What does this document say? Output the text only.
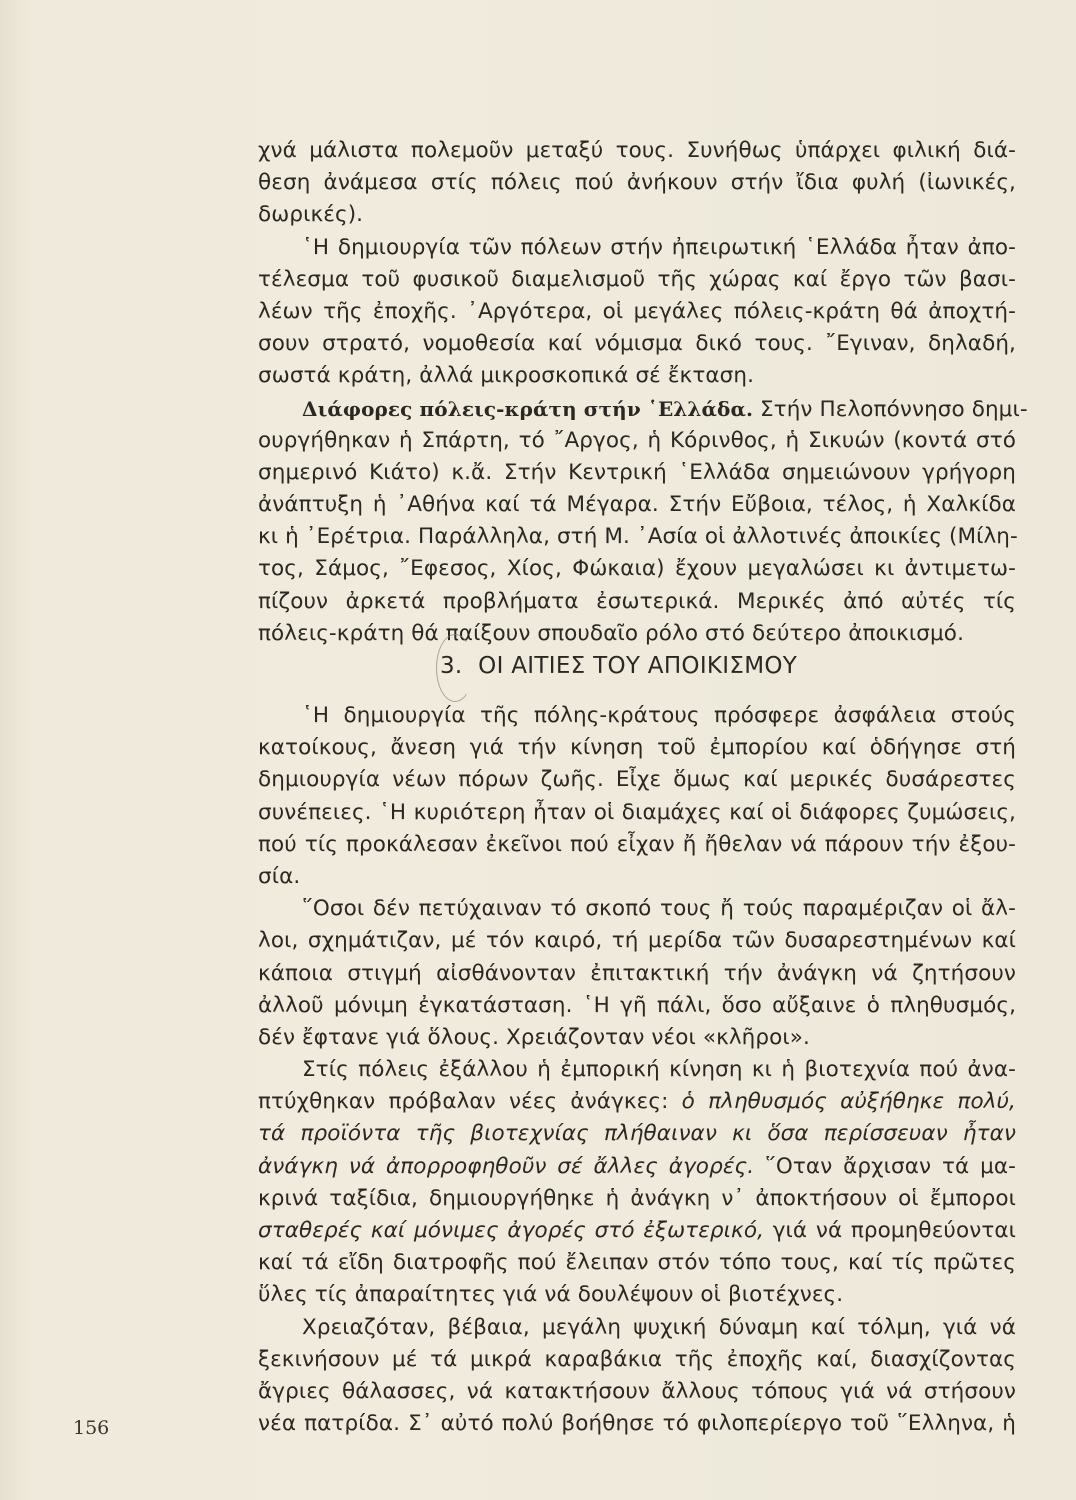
χνά μάλιστα πολεμοῦν μεταξύ τους. Συνήθως ὑπάρχει φιλική διά-
θεση ἀνάμεσα στίς πόλεις πού ἀνήκουν στήν ἴδια φυλή (ἰωνικές,
δωρικές).
῾Η δημιουργία τῶν πόλεων στήν ἠπειρωτική ῾Ελλάδα ἦταν ἀπο-
τέλεσμα τοῦ φυσικοῦ διαμελισμοῦ τῆς χώρας καί ἔργο τῶν βασι-
λέων τῆς ἐποχῆς. ᾿Αργότερα, οἱ μεγάλες πόλεις-κράτη θά ἀποχτή-
σουν στρατό, νομοθεσία καί νόμισμα δικό τους. ῎Εγιναν, δηλαδή,
σωστά κράτη, ἀλλά μικροσκοπικά σέ ἔκταση.
Διάφορες πόλεις-κράτη στήν ῾Ελλάδα. Στήν Πελοπόννησο δημι-
ουργήθηκαν ἡ Σπάρτη, τό ῎Αργος, ἡ Κόρινθος, ἡ Σικυών (κοντά στό
σημερινό Κιάτο) κ.ἄ. Στήν Κεντρική ῾Ελλάδα σημειώνουν γρήγορη
ἀνάπτυξη ἡ ᾿Αθήνα καί τά Μέγαρα. Στήν Εὔβοια, τέλος, ἡ Χαλκίδα
κι ἡ ᾿Ερέτρια. Παράλληλα, στή Μ. ᾿Ασία οἱ ἀλλοτινές ἀποικίες (Μίλη-
τος, Σάμος, ῎Εφεσος, Χίος, Φώκαια) ἔχουν μεγαλώσει κι ἀντιμετω-
πίζουν ἀρκετά προβλήματα ἐσωτερικά. Μερικές ἀπό αὐτές τίς
πόλεις-κράτη θά παίξουν σπουδαῖο ρόλο στό δεύτερο ἀποικισμό.
3. ΟΙ ΑΙΤΙΕΣ ΤΟΥ ΑΠΟΙΚΙΣΜΟΥ
῾Η δημιουργία τῆς πόλης-κράτους πρόσφερε ἀσφάλεια στούς
κατοίκους, ἄνεση γιά τήν κίνηση τοῦ ἐμπορίου καί ὁδήγησε στή
δημιουργία νέων πόρων ζωῆς. Εἶχε ὅμως καί μερικές δυσάρεστες
συνέπειες. ῾Η κυριότερη ἦταν οἱ διαμάχες καί οἱ διάφορες ζυμώσεις,
πού τίς προκάλεσαν ἐκεῖνοι πού εἶχαν ἤ ἤθελαν νά πάρουν τήν ἐξου-
σία.
῞Οσοι δέν πετύχαιναν τό σκοπό τους ἤ τούς παραμέριζαν οἱ ἄλ-
λοι, σχημάτιζαν, μέ τόν καιρό, τή μερίδα τῶν δυσαρεστημένων καί
κάποια στιγμή αἰσθάνονταν ἐπιτακτική τήν ἀνάγκη νά ζητήσουν
ἀλλοῦ μόνιμη ἐγκατάσταση. ῾Η γῆ πάλι, ὅσο αὔξαινε ὁ πληθυσμός,
δέν ἔφτανε γιά ὅλους. Χρειάζονταν νέοι «κλῆροι».
Στίς πόλεις ἐξάλλου ἡ ἐμπορική κίνηση κι ἡ βιοτεχνία πού ἀνα-
πτύχθηκαν πρόβαλαν νέες ἀνάγκες: ὁ πληθυσμός αὐξήθηκε πολύ,
τά προϊόντα τῆς βιοτεχνίας πλήθαιναν κι ὅσα περίσσευαν ἦταν
ἀνάγκη νά ἀπορροφηθοῦν σέ ἄλλες ἀγορές. ῞Οταν ἄρχισαν τά μα-
κρινά ταξίδια, δημιουργήθηκε ἡ ἀνάγκη ν᾿ ἀποκτήσουν οἱ ἔμποροι
σταθερές καί μόνιμες ἀγορές στό ἐξωτερικό, γιά νά προμηθεύονται
καί τά εἴδη διατροφῆς πού ἔλειπαν στόν τόπο τους, καί τίς πρῶτες
ὕλες τίς ἀπαραίτητες γιά νά δουλέψουν οἱ βιοτέχνες.
Χρειαζόταν, βέβαια, μεγάλη ψυχική δύναμη καί τόλμη, γιά νά
ξεκινήσουν μέ τά μικρά καραβάκια τῆς ἐποχῆς καί, διασχίζοντας
ἄγριες θάλασσες, νά κατακτήσουν ἄλλους τόπους γιά νά στήσουν
νέα πατρίδα. Σ᾿ αὐτό πολύ βοήθησε τό φιλοπερίεργο τοῦ ῞Ελληνα, ἡ
156
